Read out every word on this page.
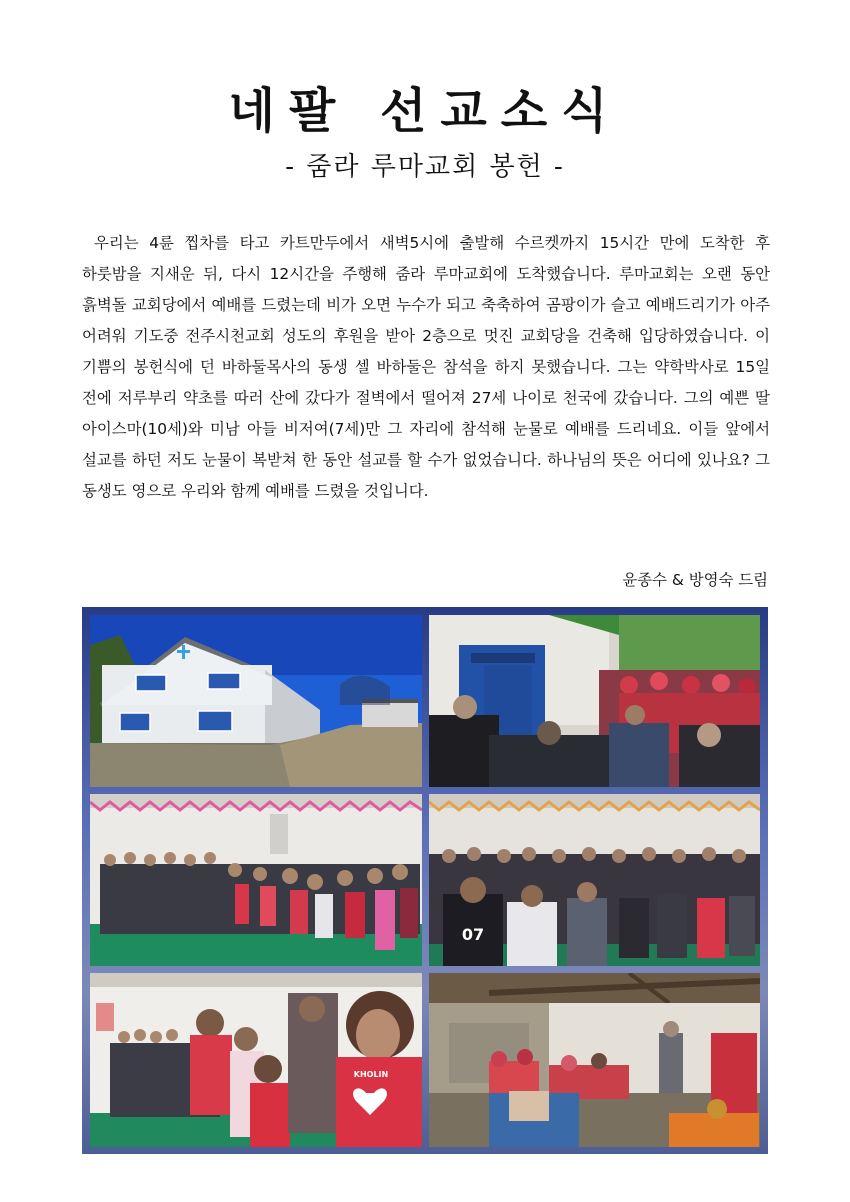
네팔 선교소식
- 줌라 루마교회 봉헌 -

우리는 4륜 찝차를 타고 카트만두에서 새벽5시에 출발해 수르켓까지 15시간 만에 도착한 후 하룻밤을 지새운 뒤, 다시 12시간을 주행해 줌라 루마교회에 도착했습니다. 루마교회는 오랜 동안 흙벽돌 교회당에서 예배를 드렸는데 비가 오면 누수가 되고 축축하여 곰팡이가 슬고 예배드리기가 아주 어려워 기도중 전주시천교회 성도의 후원을 받아 2층으로 멋진 교회당을 건축해 입당하였습니다. 이 기쁨의 봉헌식에 던 바하둘목사의 동생 셀 바하둘은 참석을 하지 못했습니다. 그는 약학박사로 15일 전에 저루부리 약초를 따러 산에 갔다가 절벽에서 떨어져 27세 나이로 천국에 갔습니다. 그의 예쁜 딸 아이스마(10세)와 미남 아들 비저여(7세)만 그 자리에 참석해 눈물로 예배를 드리네요. 이들 앞에서 설교를 하던 저도 눈물이 복받쳐 한 동안 설교를 할 수가 없었습니다. 하나님의 뜻은 어디에 있나요? 그 동생도 영으로 우리와 함께 예배를 드렸을 것입니다.

윤종수 & 방영숙 드림
07
KHOLIN
